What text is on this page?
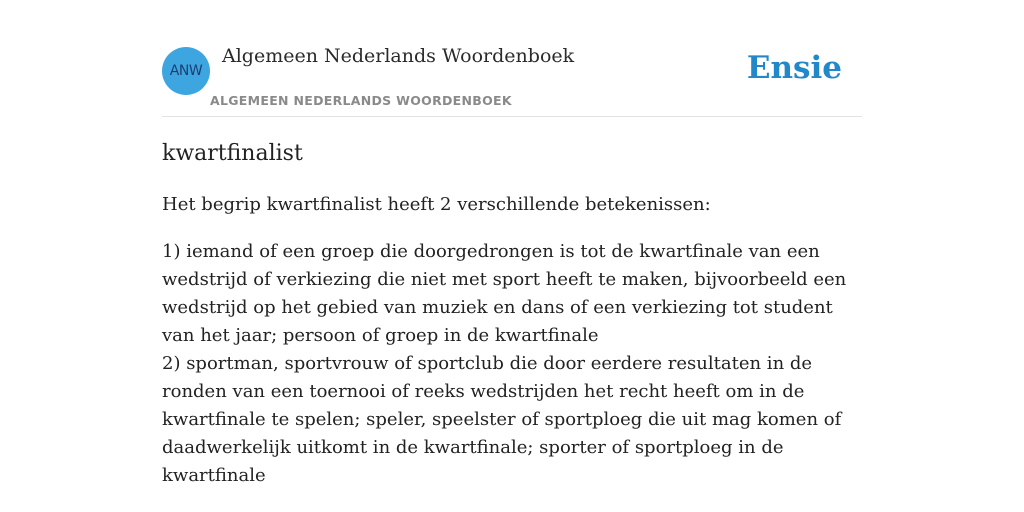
ANW
Algemeen Nederlands Woordenboek
ALGEMEEN NEDERLANDS WOORDENBOEK
Ensie
kwartfinalist

Het begrip kwartfinalist heeft 2 verschillende betekenissen:

1) iemand of een groep die doorgedrongen is tot de kwartfinale van een wedstrijd of verkiezing die niet met sport heeft te maken, bijvoorbeeld een wedstrijd op het gebied van muziek en dans of een verkiezing tot student van het jaar; persoon of groep in de kwartfinale
2) sportman, sportvrouw of sportclub die door eerdere resultaten in de ronden van een toernooi of reeks wedstrijden het recht heeft om in de kwartfinale te spelen; speler, speelster of sportploeg die uit mag komen of daadwerkelijk uitkomt in de kwartfinale; sporter of sportploeg in de kwartfinale
